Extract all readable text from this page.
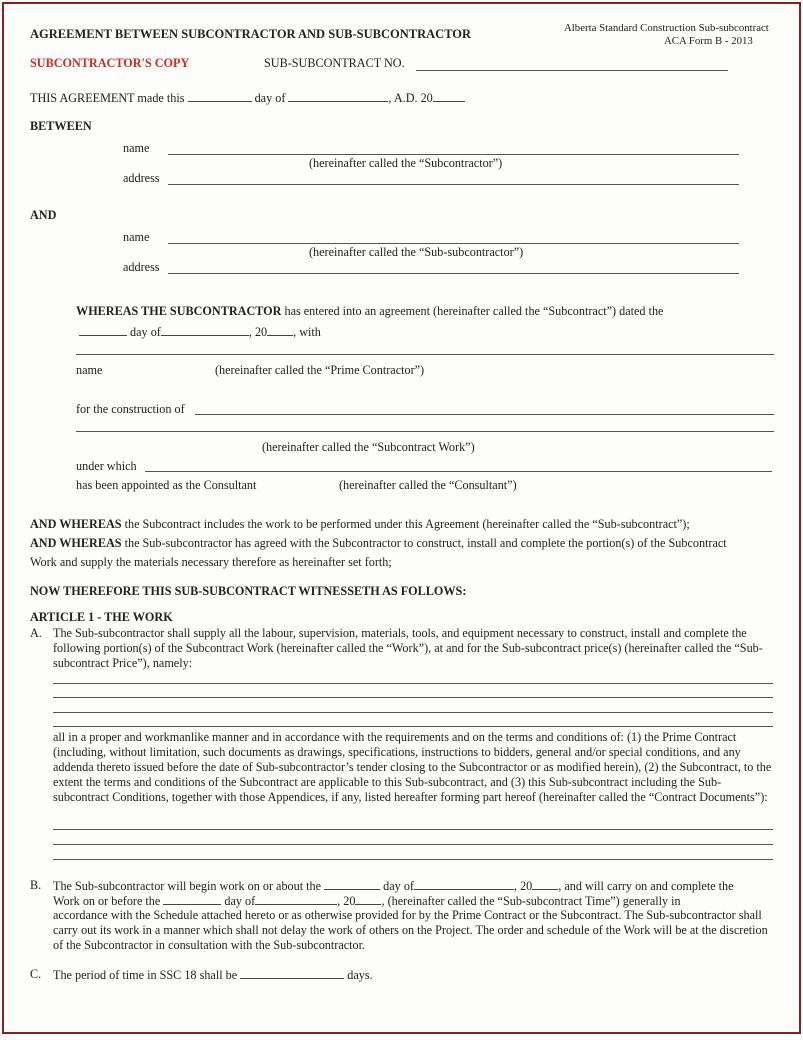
AGREEMENT BETWEEN SUBCONTRACTOR AND SUB-SUBCONTRACTOR	Alberta Standard Construction Sub-subcontract
ACA Form B - 2013
SUBCONTRACTOR'S COPY	SUB-SUBCONTRACT NO.
THIS AGREEMENT made this	day of	, A.D. 20
BETWEEN
name
(hereinafter called the “Subcontractor”)
address
AND
name
(hereinafter called the “Sub-subcontractor”)
address
WHEREAS THE SUBCONTRACTOR has entered into an agreement (hereinafter called the “Subcontract”) dated the
day of	, 20 , with
name	(hereinafter called the “Prime Contractor”)
for the construction of
(hereinafter called the “Subcontract Work”)
under which
has been appointed as the Consultant	(hereinafter called the “Consultant”)
AND WHEREAS the Subcontract includes the work to be performed under this Agreement (hereinafter called the “Sub-subcontract”);
AND WHEREAS the Sub-subcontractor has agreed with the Subcontractor to construct, install and complete the portion(s) of the Subcontract
Work and supply the materials necessary therefore as hereinafter set forth;
NOW THEREFORE THIS SUB-SUBCONTRACT WITNESSETH AS FOLLOWS:
ARTICLE 1 - THE WORK
A. The Sub-subcontractor shall supply all the labour, supervision, materials, tools, and equipment necessary to construct, install and complete the following portion(s) of the Subcontract Work (hereinafter called the “Work”), at and for the Sub-subcontract price(s) (hereinafter called the “Sub-subcontract Price”), namely:
all in a proper and workmanlike manner and in accordance with the requirements and on the terms and conditions of: (1) the Prime Contract (including, without limitation, such documents as drawings, specifications, instructions to bidders, general and/or special conditions, and any addenda thereto issued before the date of Sub-subcontractor’s tender closing to the Subcontractor or as modified herein), (2) the Subcontract, to the extent the terms and conditions of the Subcontract are applicable to this Sub-subcontract, and (3) this Sub-subcontract including the Sub-subcontract Conditions, together with those Appendices, if any, listed hereafter forming part hereof (hereinafter called the “Contract Documents”):
B. The Sub-subcontractor will begin work on or about the	day of	, 20 , and will carry on and complete the
Work on or before the	day of	, 20 , (hereinafter called the “Sub-subcontract Time”) generally in
accordance with the Schedule attached hereto or as otherwise provided for by the Prime Contract or the Subcontract. The Sub-subcontractor shall carry out its work in a manner which shall not delay the work of others on the Project. The order and schedule of the Work will be at the discretion of the Subcontractor in consultation with the Sub-subcontractor.
C. The period of time in SSC 18 shall be	days.
